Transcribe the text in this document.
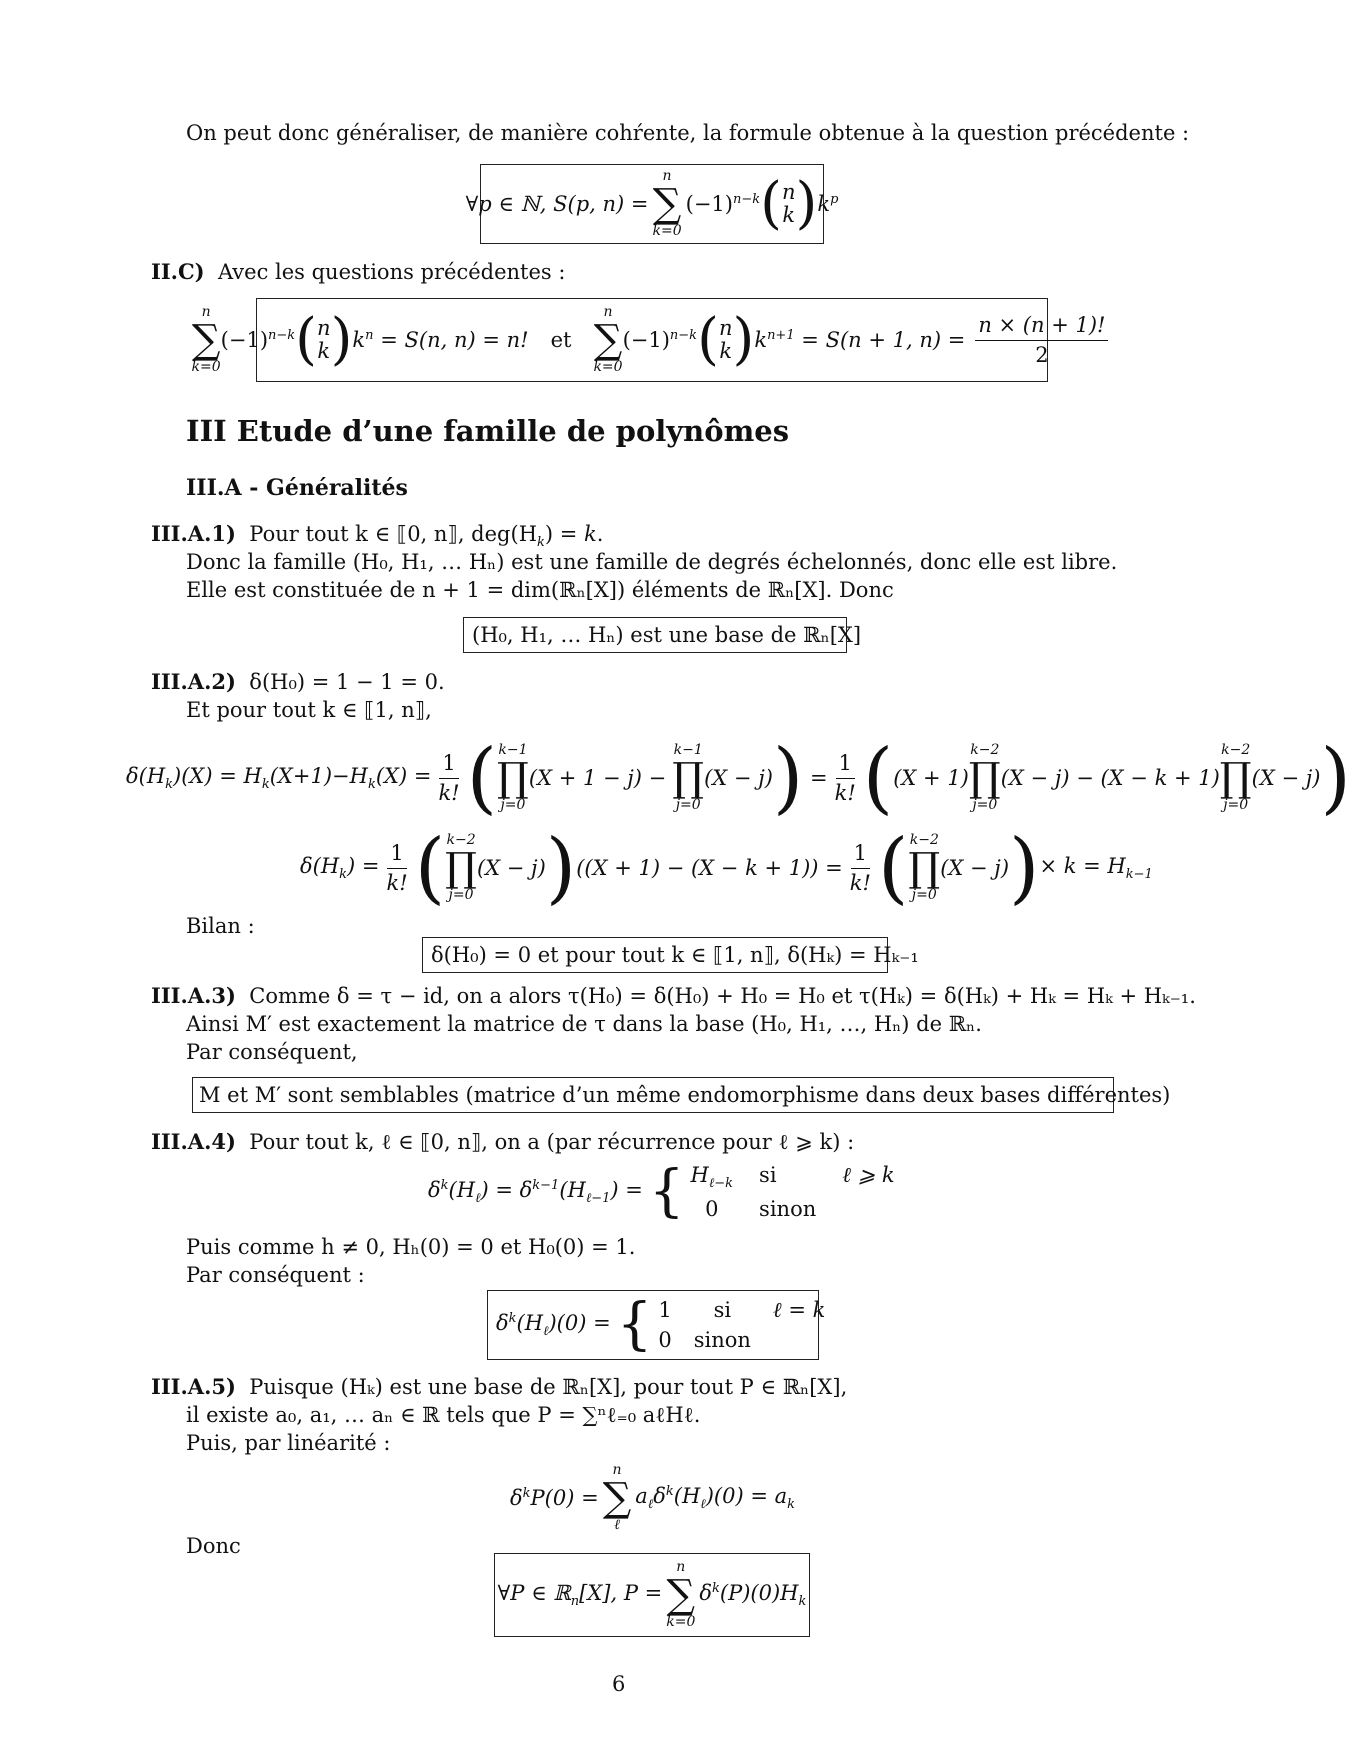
On peut donc généraliser, de manière cohŕente, la formule obtenue à la question précédente :
∀p ∈ ℕ, S(p, n) =
n
∑
k=0
$(-1)^{n-k}$ ( n
k ) $k^p$
II.C) Avec les questions précédentes :
n
∑
k=0
$(-1)^{n-k}$ ( n
k ) $k^n = S(n$, n) = n! et
n
∑
k=0
$(-1)^{n-k}$ ( n
k ) $k^{n+1} = S(n + 1$, $n) = \frac{n \times (n + 1)!}{2}$
III Etude d’une famille de polynômes
III.A - Généralités
III.A.1) Pour tout k ∈ ⟦0, n⟧, $deg(H_k) = k$.
Donc la famille (H₀, H₁, … Hₙ) est une famille de degrés échelonnés, donc elle est libre.
Elle est constituée de n + 1 = dim(ℝₙ[X]) éléments de ℝₙ[X]. Donc
(H₀, H₁, … Hₙ) est une base de ℝₙ[X]
III.A.2) δ(H₀) = 1 − 1 = 0.
Et pour tout k ∈ ⟦1, n⟧,
$\delta(H_k)(X) = H_k(X+1)-H_k(X) = \frac{1}{k!}$ ( k−1
∏
j=0
(X + 1 − j) −
k−1
∏
j=0
(X − j) ) = $\frac{1}{k!}$ ( (X + 1)
k−2
∏
j=0
(X − j) − (X − k + 1)
k−2
∏
j=0
(X − j) )
$\delta(H_k) = \frac{1}{k!}$ ( k−2
∏
j=0
(X − j) ) $((X + 1) - (X - k + 1)) = \frac{1}{k!}$ ( k−2
∏
j=0
(X − j) ) × $k = H_{k-1}$
Bilan :
δ(H₀) = 0 et pour tout k ∈ ⟦1, n⟧, δ(Hₖ) = Hₖ₋₁
III.A.3) Comme δ = τ − id, on a alors τ(H₀) = δ(H₀) + H₀ = H₀ et τ(Hₖ) = δ(Hₖ) + Hₖ = Hₖ + Hₖ₋₁.
Ainsi M′ est exactement la matrice de τ dans la base (H₀, H₁, …, Hₙ) de ℝₙ.
Par conséquent,
M et M′ sont semblables (matrice d’un même endomorphisme dans deux bases différentes)
III.A.4) Pour tout k, ℓ ∈ ⟦0, n⟧, on a (par récurrence pour ℓ ⩾ k) :
$\delta^k(H_\ell) = \delta^{k-1}(H_{\ell-1})$ = { $H_{\ell-k}$ si	ℓ ⩾ k
0	sinon
Puis comme h ≠ 0, Hₕ(0) = 0 et H₀(0) = 1.
Par conséquent :
$\delta^k(H_\ell)(0)$ = { 1	si	ℓ = k
0 sinon
III.A.5) Puisque (Hₖ) est une base de ℝₙ[X], pour tout P ∈ ℝₙ[X],
il existe a₀, a₁, … aₙ ∈ ℝ tels que P = ∑ⁿℓ₌₀ aℓHℓ.
Puis, par linéarité :
$\delta^kP(0)$ =
n
∑
ℓ
$a_\ell\delta^k(H_\ell)(0) = a_k$
Donc
∀P ∈ ℝ$_n$[X], P =
n
∑
k=0
$\delta^k(P)(0)H_k$
6
